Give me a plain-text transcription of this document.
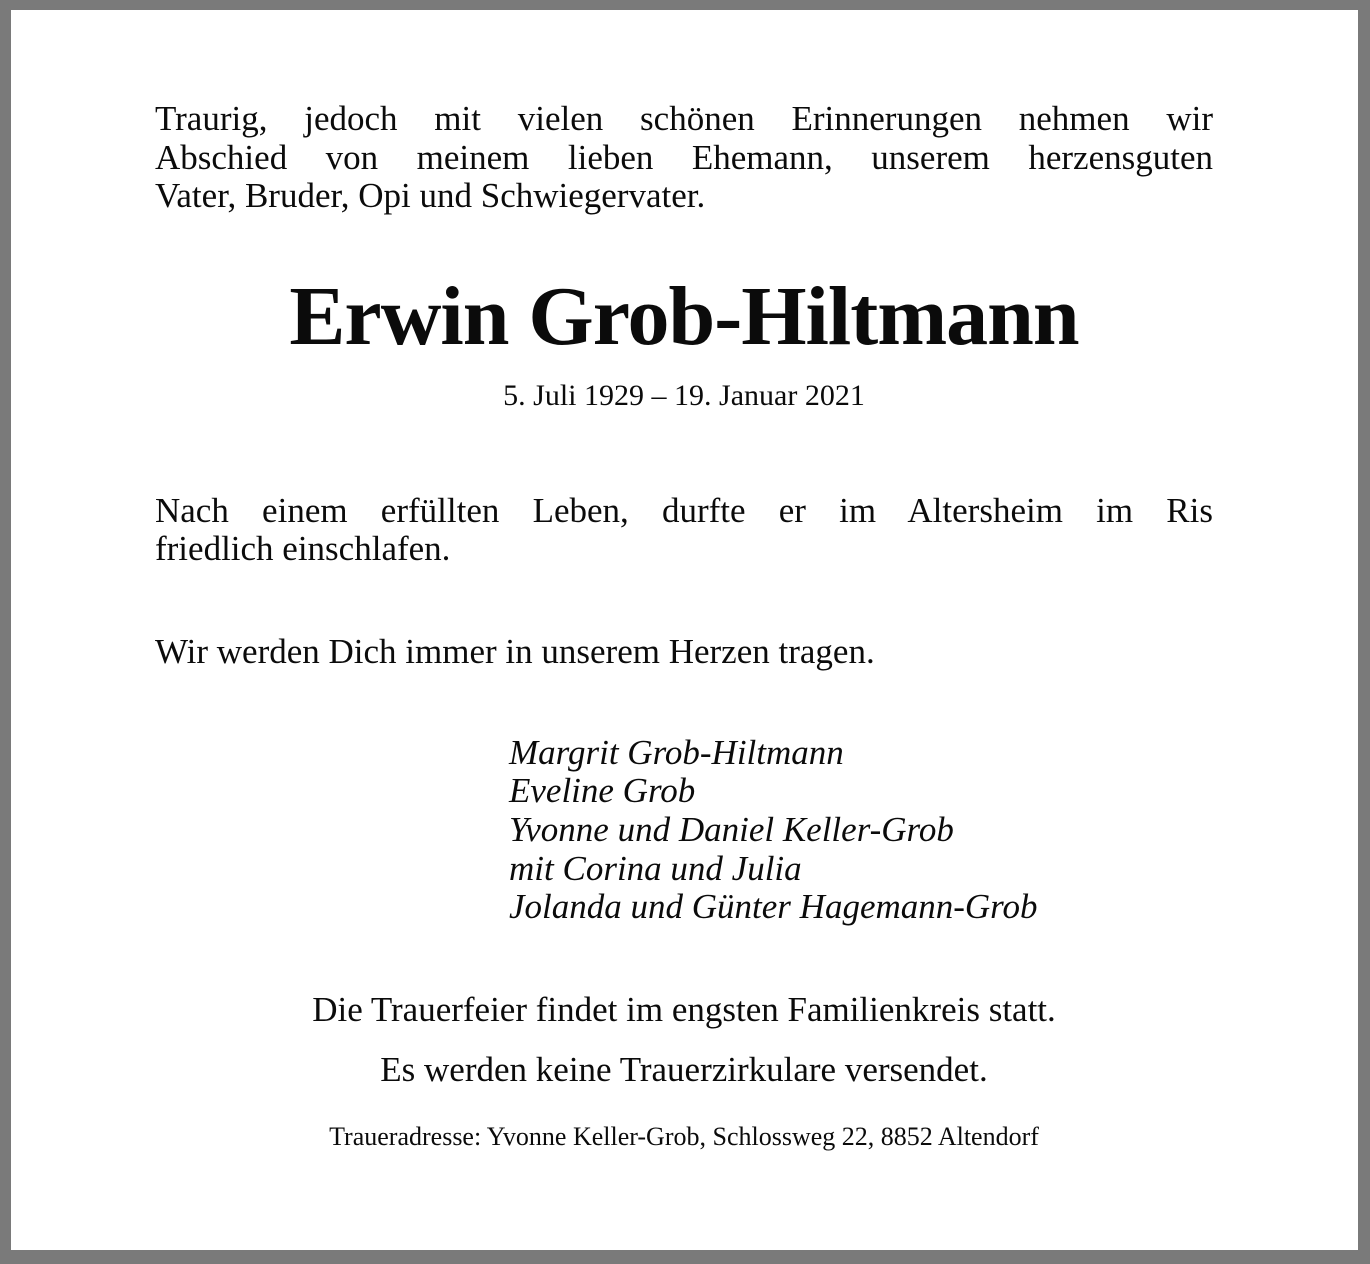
Traurig, jedoch mit vielen schönen Erinnerungen nehmen wir
Abschied von meinem lieben Ehemann, unserem herzensguten
Vater, Bruder, Opi und Schwiegervater.

Erwin Grob-Hiltmann
5. Juli 1929 – 19. Januar 2021

Nach einem erfüllten Leben, durfte er im Altersheim im Ris
friedlich einschlafen.

Wir werden Dich immer in unserem Herzen tragen.

Margrit Grob-Hiltmann
Eveline Grob
Yvonne und Daniel Keller-Grob
mit Corina und Julia
Jolanda und Günter Hagemann-Grob

Die Trauerfeier findet im engsten Familienkreis statt.

Es werden keine Trauerzirkulare versendet.

Traueradresse: Yvonne Keller-Grob, Schlossweg 22, 8852 Altendorf
